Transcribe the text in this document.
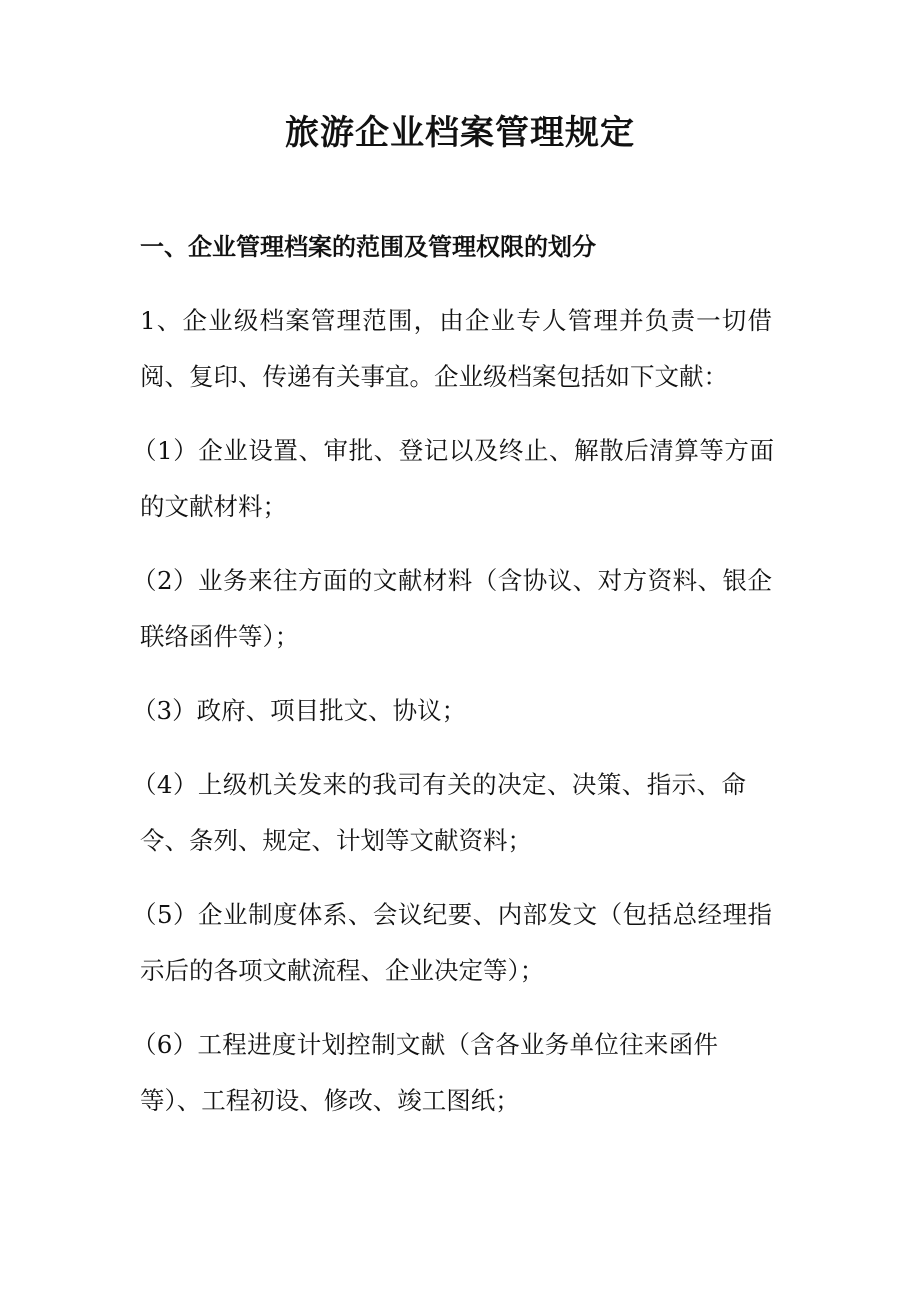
旅游企业档案管理规定
一、企业管理档案的范围及管理权限的划分
1、企业级档案管理范围，由企业专人管理并负责一切借
阅、复印、传递有关事宜。企业级档案包括如下文献：
（1）企业设置、审批、登记以及终止、解散后清算等方面
的文献材料；
（2）业务来往方面的文献材料（含协议、对方资料、银企
联络函件等）；
（3）政府、项目批文、协议；
（4）上级机关发来的我司有关的决定、决策、指示、命
令、条列、规定、计划等文献资料；
（5）企业制度体系、会议纪要、内部发文（包括总经理指
示后的各项文献流程、企业决定等）；
（6）工程进度计划控制文献（含各业务单位往来函件
等）、工程初设、修改、竣工图纸；
